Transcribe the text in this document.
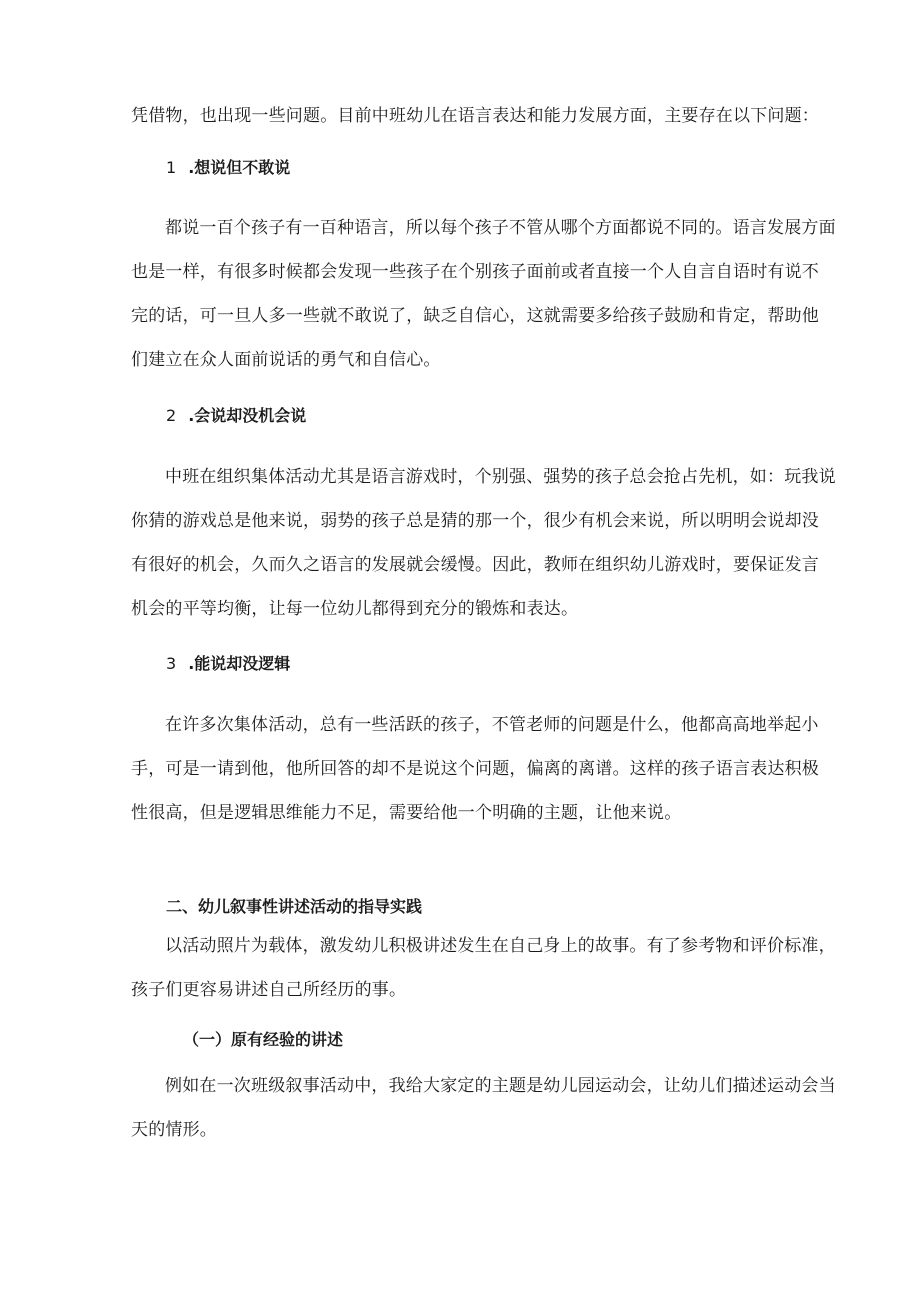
凭借物，也出现一些问题。目前中班幼儿在语言表达和能力发展方面，主要存在以下问题：

1 .想说但不敢说

都说一百个孩子有一百种语言，所以每个孩子不管从哪个方面都说不同的。语言发展方面也是一样，有很多时候都会发现一些孩子在个别孩子面前或者直接一个人自言自语时有说不完的话，可一旦人多一些就不敢说了，缺乏自信心，这就需要多给孩子鼓励和肯定，帮助他们建立在众人面前说话的勇气和自信心。

2 .会说却没机会说

中班在组织集体活动尤其是语言游戏时，个别强、强势的孩子总会抢占先机，如：玩我说你猜的游戏总是他来说，弱势的孩子总是猜的那一个，很少有机会来说，所以明明会说却没有很好的机会，久而久之语言的发展就会缓慢。因此，教师在组织幼儿游戏时，要保证发言机会的平等均衡，让每一位幼儿都得到充分的锻炼和表达。

3 .能说却没逻辑

在许多次集体活动，总有一些活跃的孩子，不管老师的问题是什么，他都高高地举起小手，可是一请到他，他所回答的却不是说这个问题，偏离的离谱。这样的孩子语言表达积极性很高，但是逻辑思维能力不足，需要给他一个明确的主题，让他来说。

二、幼儿叙事性讲述活动的指导实践

以活动照片为载体，激发幼儿积极讲述发生在自己身上的故事。有了参考物和评价标准，孩子们更容易讲述自己所经历的事。

（一）原有经验的讲述

例如在一次班级叙事活动中，我给大家定的主题是幼儿园运动会，让幼儿们描述运动会当天的情形。
